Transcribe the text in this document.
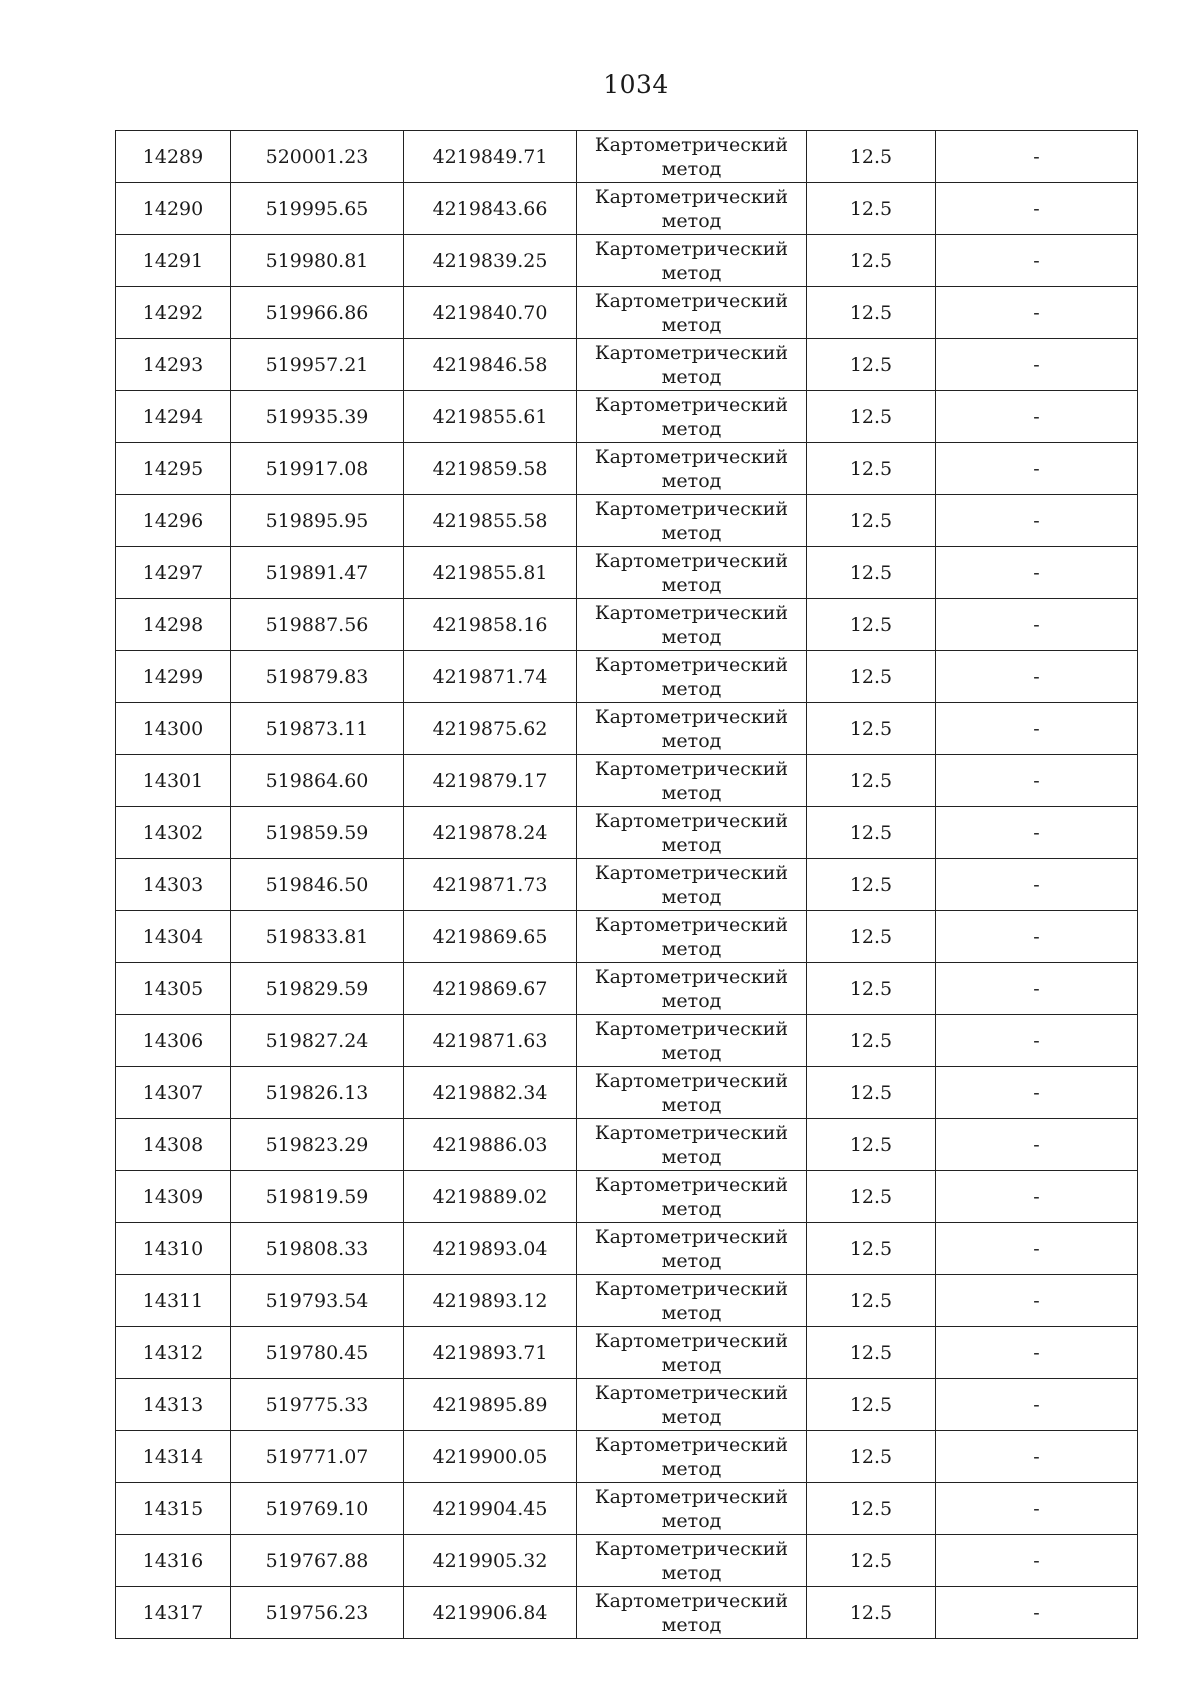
1034
14289	520001.23	4219849.71	Картометрический
метод	12.5	-
14290	519995.65	4219843.66	Картометрический
метод	12.5	-
14291	519980.81	4219839.25	Картометрический
метод	12.5	-
14292	519966.86	4219840.70	Картометрический
метод	12.5	-
14293	519957.21	4219846.58	Картометрический
метод	12.5	-
14294	519935.39	4219855.61	Картометрический
метод	12.5	-
14295	519917.08	4219859.58	Картометрический
метод	12.5	-
14296	519895.95	4219855.58	Картометрический
метод	12.5	-
14297	519891.47	4219855.81	Картометрический
метод	12.5	-
14298	519887.56	4219858.16	Картометрический
метод	12.5	-
14299	519879.83	4219871.74	Картометрический
метод	12.5	-
14300	519873.11	4219875.62	Картометрический
метод	12.5	-
14301	519864.60	4219879.17	Картометрический
метод	12.5	-
14302	519859.59	4219878.24	Картометрический
метод	12.5	-
14303	519846.50	4219871.73	Картометрический
метод	12.5	-
14304	519833.81	4219869.65	Картометрический
метод	12.5	-
14305	519829.59	4219869.67	Картометрический
метод	12.5	-
14306	519827.24	4219871.63	Картометрический
метод	12.5	-
14307	519826.13	4219882.34	Картометрический
метод	12.5	-
14308	519823.29	4219886.03	Картометрический
метод	12.5	-
14309	519819.59	4219889.02	Картометрический
метод	12.5	-
14310	519808.33	4219893.04	Картометрический
метод	12.5	-
14311	519793.54	4219893.12	Картометрический
метод	12.5	-
14312	519780.45	4219893.71	Картометрический
метод	12.5	-
14313	519775.33	4219895.89	Картометрический
метод	12.5	-
14314	519771.07	4219900.05	Картометрический
метод	12.5	-
14315	519769.10	4219904.45	Картометрический
метод	12.5	-
14316	519767.88	4219905.32	Картометрический
метод	12.5	-
14317	519756.23	4219906.84	Картометрический
метод	12.5	-
